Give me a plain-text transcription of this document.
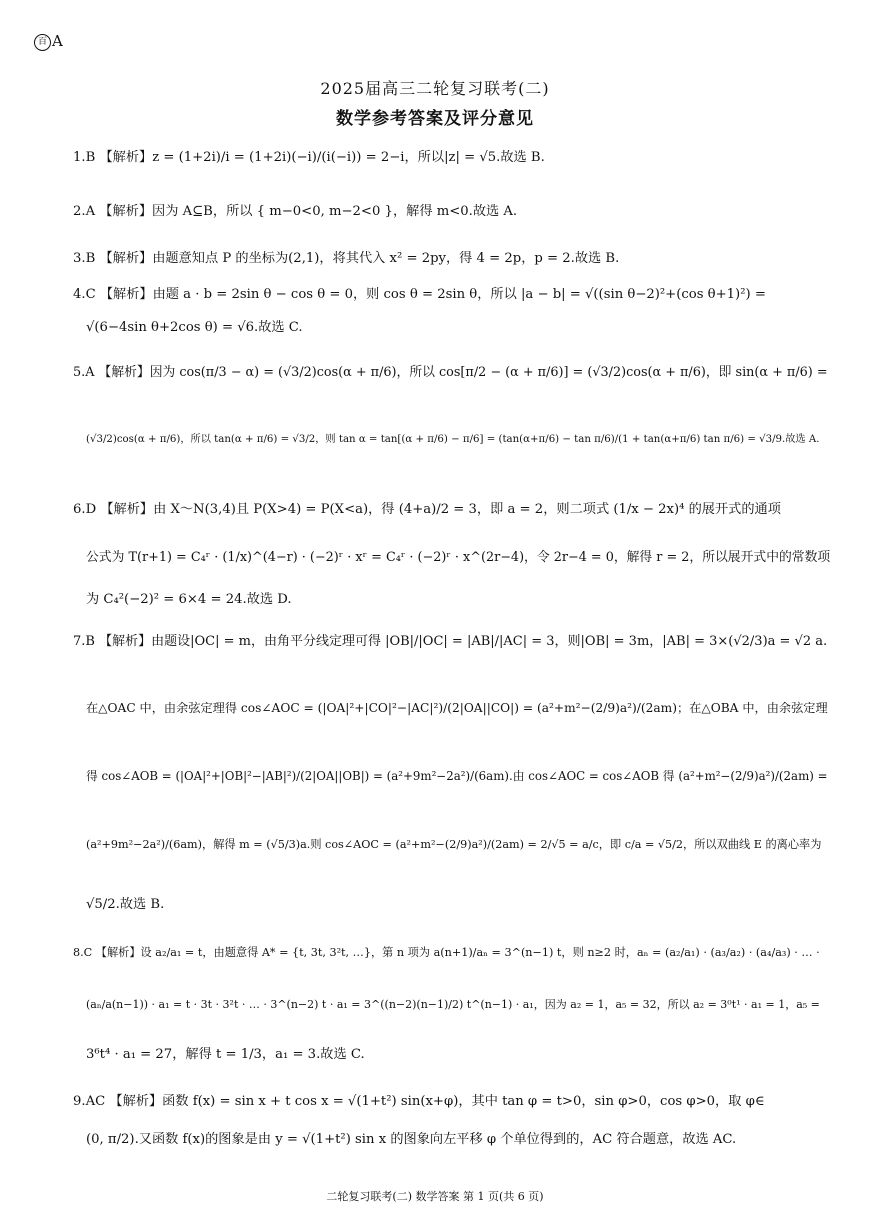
百 A
2025届高三二轮复习联考(二)
数学参考答案及评分意见
1.B 【解析】z = (1+2i)/i = (1+2i)(−i)/(i(−i)) = 2−i，所以|z| = √5.故选 B.
2.A 【解析】因为 A⊆B，所以 { m−0<0, m−2<0 }，解得 m<0.故选 A.
3.B 【解析】由题意知点 P 的坐标为(2,1)，将其代入 x² = 2py，得 4 = 2p，p = 2.故选 B.
4.C 【解析】由题 a · b = 2sin θ − cos θ = 0，则 cos θ = 2sin θ，所以 |a − b| = √((sin θ−2)²+(cos θ+1)²) =
√(6−4sin θ+2cos θ) = √6.故选 C.
5.A 【解析】因为 cos(π/3 − α) = (√3/2)cos(α + π/6)，所以 cos[π/2 − (α + π/6)] = (√3/2)cos(α + π/6)，即 sin(α + π/6) =
(√3/2)cos(α + π/6)，所以 tan(α + π/6) = √3/2，则 tan α = tan[(α + π/6) − π/6] = (tan(α+π/6) − tan π/6)/(1 + tan(α+π/6) tan π/6) = √3/9.故选 A.
6.D 【解析】由 X～N(3,4)且 P(X>4) = P(X<a)，得 (4+a)/2 = 3，即 a = 2，则二项式 (1/x − 2x)⁴ 的展开式的通项
公式为 T(r+1) = C₄ʳ · (1/x)^(4−r) · (−2)ʳ · xʳ = C₄ʳ · (−2)ʳ · x^(2r−4)，令 2r−4 = 0，解得 r = 2，所以展开式中的常数项
为 C₄²(−2)² = 6×4 = 24.故选 D.
7.B 【解析】由题设|OC| = m，由角平分线定理可得 |OB|/|OC| = |AB|/|AC| = 3，则|OB| = 3m，|AB| = 3×(√2/3)a = √2 a.
在△OAC 中，由余弦定理得 cos∠AOC = (|OA|²+|CO|²−|AC|²)/(2|OA||CO|) = (a²+m²−(2/9)a²)/(2am)；在△OBA 中，由余弦定理
得 cos∠AOB = (|OA|²+|OB|²−|AB|²)/(2|OA||OB|) = (a²+9m²−2a²)/(6am).由 cos∠AOC = cos∠AOB 得 (a²+m²−(2/9)a²)/(2am) =
(a²+9m²−2a²)/(6am)，解得 m = (√5/3)a.则 cos∠AOC = (a²+m²−(2/9)a²)/(2am) = 2/√5 = a/c，即 c/a = √5/2，所以双曲线 E 的离心率为
√5/2.故选 B.
8.C 【解析】设 a₂/a₁ = t，由题意得 A* = {t, 3t, 3²t, …}，第 n 项为 a(n+1)/aₙ = 3^(n−1) t，则 n≥2 时，aₙ = (a₂/a₁) · (a₃/a₂) · (a₄/a₃) · … ·
(aₙ/a(n−1)) · a₁ = t · 3t · 3²t · … · 3^(n−2) t · a₁ = 3^((n−2)(n−1)/2) t^(n−1) · a₁，因为 a₂ = 1，a₅ = 32，所以 a₂ = 3⁰t¹ · a₁ = 1，a₅ =
3⁶t⁴ · a₁ = 27，解得 t = 1/3，a₁ = 3.故选 C.
9.AC 【解析】函数 f(x) = sin x + t cos x = √(1+t²) sin(x+φ)，其中 tan φ = t>0，sin φ>0，cos φ>0，取 φ∈
(0, π/2).又函数 f(x)的图象是由 y = √(1+t²) sin x 的图象向左平移 φ 个单位得到的，AC 符合题意，故选 AC.
二轮复习联考(二) 数学答案 第 1 页(共 6 页)
